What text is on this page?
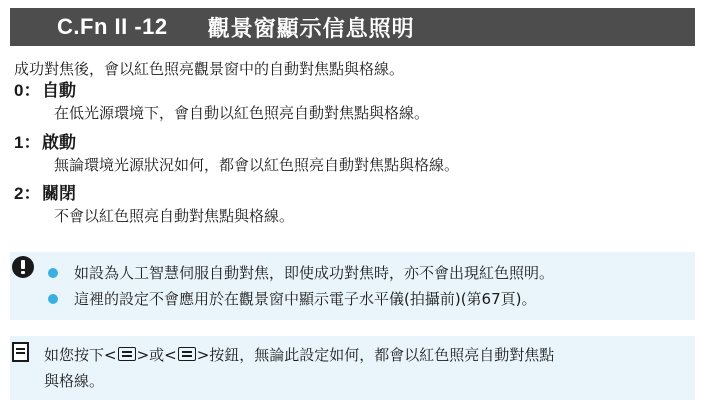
C.Fn II -12 觀景窗顯示信息照明
成功對焦後，會以紅色照亮觀景窗中的自動對焦點與格線。
0：自動
在低光源環境下，會自動以紅色照亮自動對焦點與格線。
1：啟動
無論環境光源狀況如何，都會以紅色照亮自動對焦點與格線。
2：關閉
不會以紅色照亮自動對焦點與格線。
如設為人工智慧伺服自動對焦，即使成功對焦時，亦不會出現紅色照明。
這裡的設定不會應用於在觀景窗中顯示電子水平儀(拍攝前)(第67頁)。
如您按下< >或< >按鈕，無論此設定如何，都會以紅色照亮自動對焦點
與格線。
